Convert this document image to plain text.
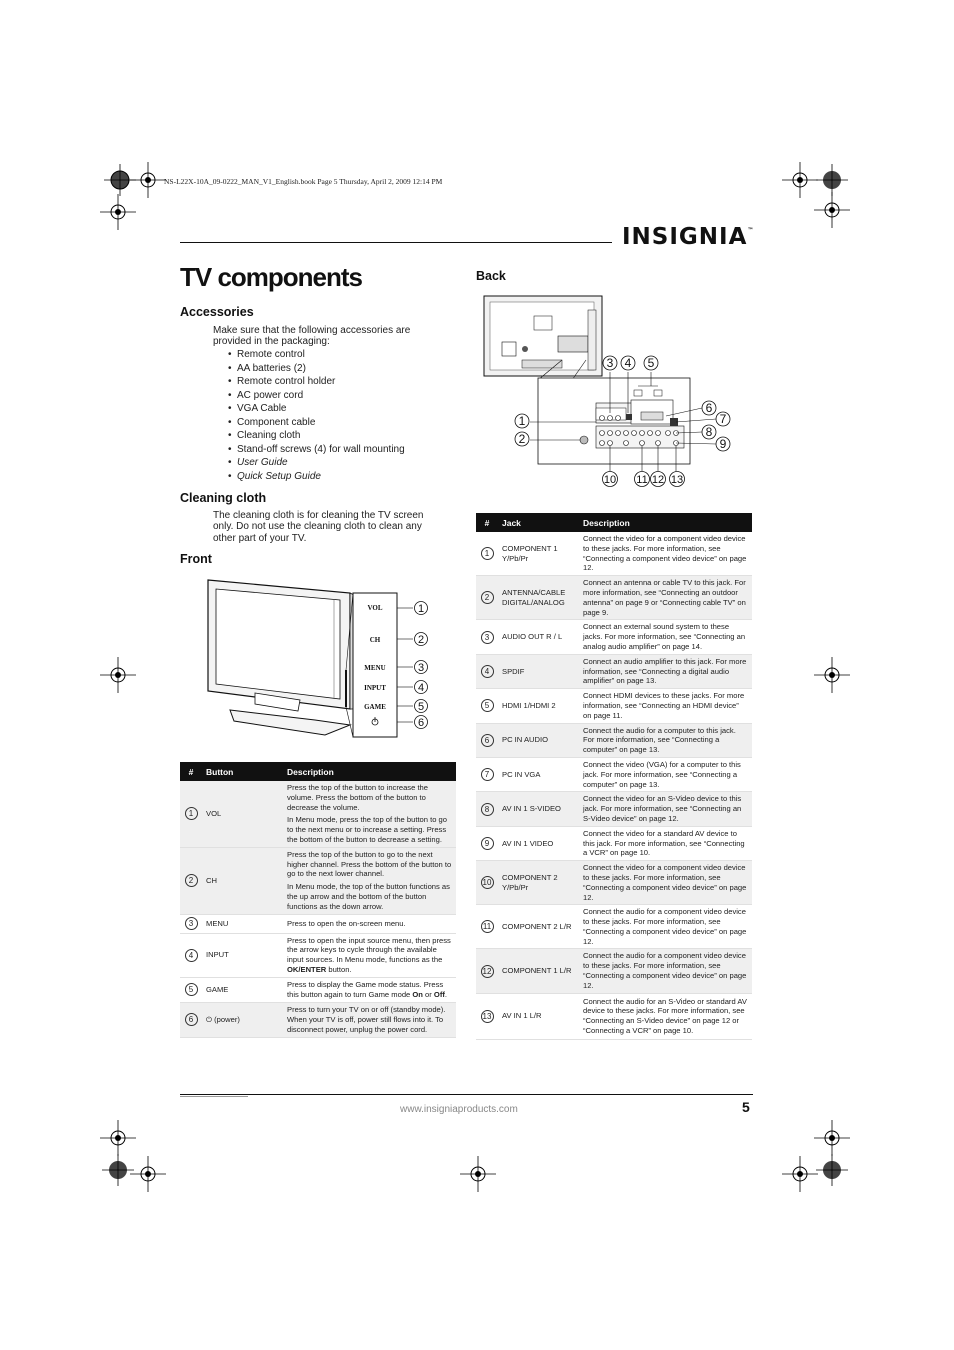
NS-L22X-10A_09-0222_MAN_V1_English.book Page 5 Thursday, April 2, 2009 12:14 PM
INSIGNIA™
TV components
Accessories

Make sure that the following accessories are provided in the packaging:

• Remote control
• AA batteries (2)
• Remote control holder
• AC power cord
• VGA Cable
• Component cable
• Cleaning cloth
• Stand-off screws (4) for wall mounting
• User Guide
• Quick Setup Guide
Cleaning cloth

The cleaning cloth is for cleaning the TV screen only. Do not use the cleaning cloth to clean any other part of your TV.

Front
VOL
CH
MENU
INPUT
GAME
1
2
3
4
5
6
#	Button	Description
1	VOL	Press the top of the button to increase the volume. Press the bottom of the button to decrease the volume.

In Menu mode, press the top of the button to go to the next menu or to increase a setting. Press the bottom of the button to decrease a setting.

2	CH	Press the top of the button to go to the next higher channel. Press the bottom of the button to go to the next lower channel.

In Menu mode, the top of the button functions as the up arrow and the bottom of the button functions as the down arrow.

3	MENU	Press to open the on-screen menu.

4	INPUT	Press to open the input source menu, then press the arrow keys to cycle through the available input sources. In Menu mode, functions as the OK/ENTER button.
5	GAME	Press to display the Game mode status. Press this button again to turn Game mode On or Off.
6	⏻ (power)	Press to turn your TV on or off (standby mode). When your TV is off, power still flows into it. To disconnect power, unplug the power cord.

Back
1
2
3 4 5
6
7
8
9
10 11 12 13
#	Jack	Description
1	COMPONENT 1 Y/Pb/Pr	Connect the video for a component video device to these jacks. For more information, see “Connecting a component video device” on page 12.
2	ANTENNA/CABLE DIGITAL/ANALOG	Connect an antenna or cable TV to this jack. For more information, see “Connecting an outdoor antenna” on page 9 or “Connecting cable TV” on page 9.
3	AUDIO OUT R / L	Connect an external sound system to these jacks. For more information, see “Connecting an analog audio amplifier” on page 14.
4	SPDIF	Connect an audio amplifier to this jack. For more information, see “Connecting a digital audio amplifier” on page 13.
5	HDMI 1/HDMI 2	Connect HDMI devices to these jacks. For more information, see “Connecting an HDMI device” on page 11.
6	PC IN AUDIO	Connect the audio for a computer to this jack. For more information, see “Connecting a computer” on page 13.
7	PC IN VGA	Connect the video (VGA) for a computer to this jack. For more information, see “Connecting a computer” on page 13.
8	AV IN 1 S-VIDEO	Connect the video for an S-Video device to this jack. For more information, see “Connecting an S-Video device” on page 12.
9	AV IN 1 VIDEO	Connect the video for a standard AV device to this jack. For more information, see “Connecting a VCR” on page 10.
10	COMPONENT 2 Y/Pb/Pr	Connect the video for a component video device to these jacks. For more information, see “Connecting a component video device” on page 12.
11	COMPONENT 2 L/R	Connect the audio for a component video device to these jacks. For more information, see “Connecting a component video device” on page 12.
12	COMPONENT 1 L/R	Connect the audio for a component video device to these jacks. For more information, see “Connecting a component video device” on page 12.
13	AV IN 1 L/R	Connect the audio for an S-Video or standard AV device to these jacks. For more information, see “Connecting an S-Video device” on page 12 or “Connecting a VCR” on page 10.
www.insigniaproducts.com	5
